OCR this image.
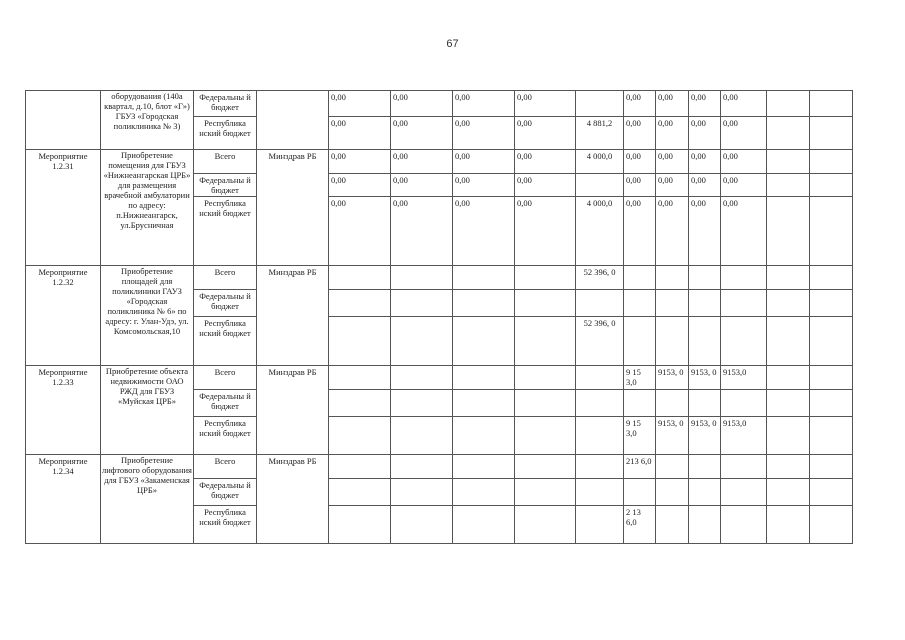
67
	оборудования (140а квартал, д.10, блот «Г») ГБУЗ «Городская поликлиника № 3)	Федеральны й бюджет		0,00	0,00	0,00	0,00		0,00	0,00	0,00	0,00		
		Республика нский бюджет		0,00	0,00	0,00	0,00	4 881,2	0,00	0,00	0,00	0,00		
Мероприятие 1.2.31	Приобретение помещения для ГБУЗ «Нижнеангарская ЦРБ» для размещения врачебной амбулатории по адресу: п.Нижнеангарск, ул.Брусничная	Всего	Минздрав РБ	0,00	0,00	0,00	0,00	4 000,0	0,00	0,00	0,00	0,00		
		Федеральны й бюджет		0,00	0,00	0,00	0,00		0,00	0,00	0,00	0,00		
		Республика нский бюджет		0,00	0,00	0,00	0,00	4 000,0	0,00	0,00	0,00	0,00		
Мероприятие 1.2.32	Приобретение площадей для поликлиники ГАУЗ «Городская поликлиника № 6» по адресу: г. Улан-Удэ, ул. Комсомольская,10	Всего	Минздрав РБ					52 396, 0						
		Федеральны й бюджет												
		Республика нский бюджет						52 396, 0						
Мероприятие 1.2.33	Приобретение объекта недвижимости ОАО РЖД для ГБУЗ «Муйская ЦРБ»	Всего	Минздрав РБ						9 15 3,0	9153, 0	9153, 0	9153,0		
		Федеральны й бюджет												
		Республика нский бюджет							9 15 3,0	9153, 0	9153, 0	9153,0		
Мероприятие 1.2.34	Приобретение лифтового оборудования для ГБУЗ «Закаменская ЦРБ»	Всего	Минздрав РБ						213 6,0					
		Федеральны й бюджет												
		Республика нский бюджет							2 13 6,0					
